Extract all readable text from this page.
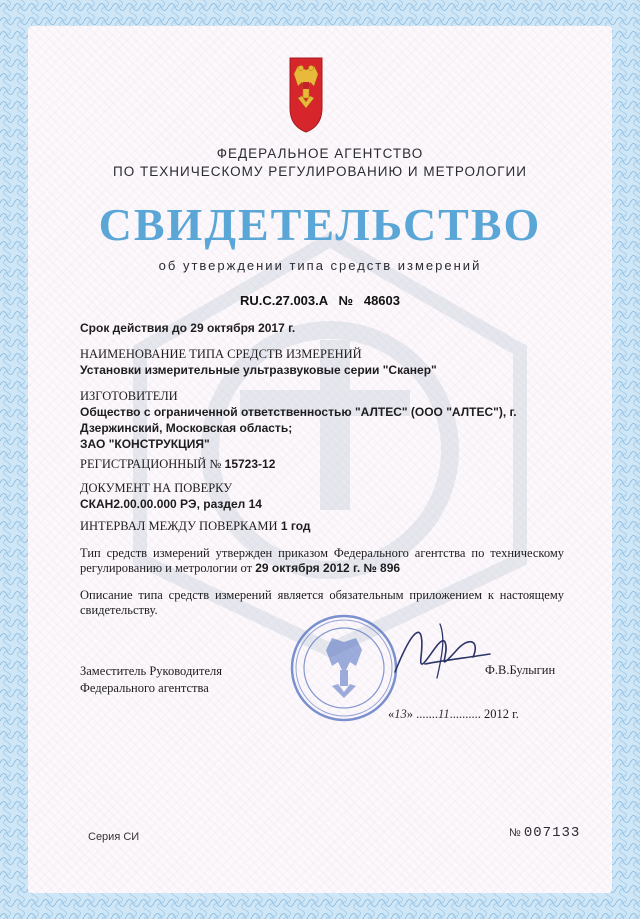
ФЕДЕРАЛЬНОЕ АГЕНТСТВО
ПО ТЕХНИЧЕСКОМУ РЕГУЛИРОВАНИЮ И МЕТРОЛОГИИ
СВИДЕТЕЛЬСТВО
об утверждении типа средств измерений
RU.C.27.003.A № 48603
Срок действия до 29 октября 2017 г.
НАИМЕНОВАНИЕ ТИПА СРЕДСТВ ИЗМЕРЕНИЙ
Установки измерительные ультразвуковые серии "Сканер"
ИЗГОТОВИТЕЛИ
Общество с ограниченной ответственностью "АЛТЕС" (ООО "АЛТЕС"), г.
Дзержинский, Московская область;
ЗАО "КОНСТРУКЦИЯ"
РЕГИСТРАЦИОННЫЙ № 15723-12
ДОКУМЕНТ НА ПОВЕРКУ
СКАН2.00.00.000 РЭ, раздел 14
ИНТЕРВАЛ МЕЖДУ ПОВЕРКАМИ 1 год
Тип средств измерений утвержден приказом Федерального агентства по техническому регулированию и метрологии от 29 октября 2012 г. № 896
Описание типа средств измерений является обязательным приложением к настоящему свидетельству.
Заместитель Руководителя
Федерального агентства
Ф.В.Булыгин
«13» .......11.......... 2012 г.
Серия СИ	№ 007133
